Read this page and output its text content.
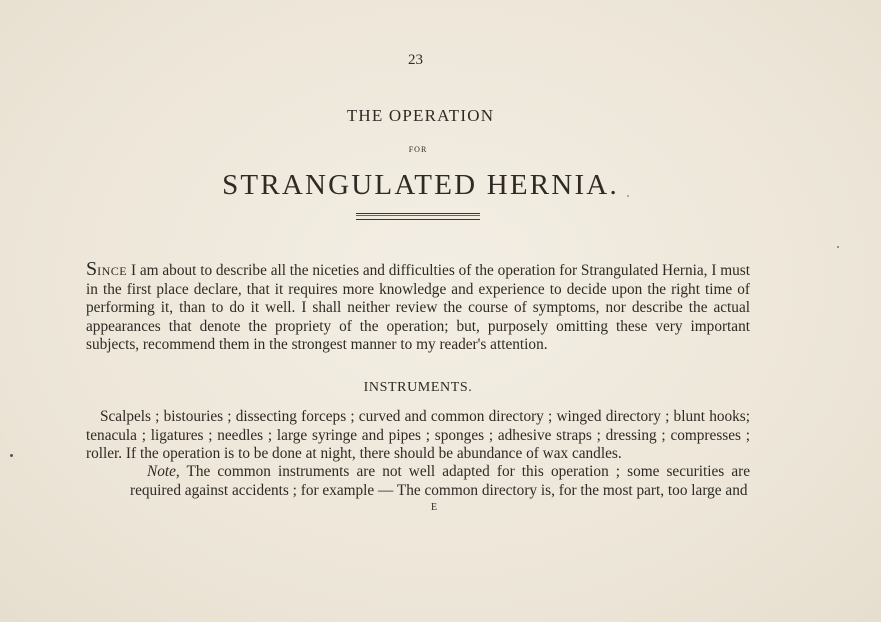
23
THE OPERATION
FOR
STRANGULATED HERNIA.

SINCE I am about to describe all the niceties and difficulties of the operation for Strangulated Hernia, I must in the first place declare, that it requires more knowledge and experience to decide upon the right time of performing it, than to do it well. I shall neither review the course of symptoms, nor describe the actual appearances that denote the propriety of the operation; but, purposely omitting these very important subjects, recommend them in the strongest manner to my reader's attention.

INSTRUMENTS.

Scalpels ; bistouries ; dissecting forceps ; curved and common directory ; winged directory ; blunt hooks; tenacula ; ligatures ; needles ; large syringe and pipes ; sponges ; adhesive straps ; dressing ; compresses ; roller. If the operation is to be done at night, there should be abundance of wax candles.

Note, The common instruments are not well adapted for this operation ; some securities are required against accidents ; for example — The common directory is, for the most part, too large and

E
